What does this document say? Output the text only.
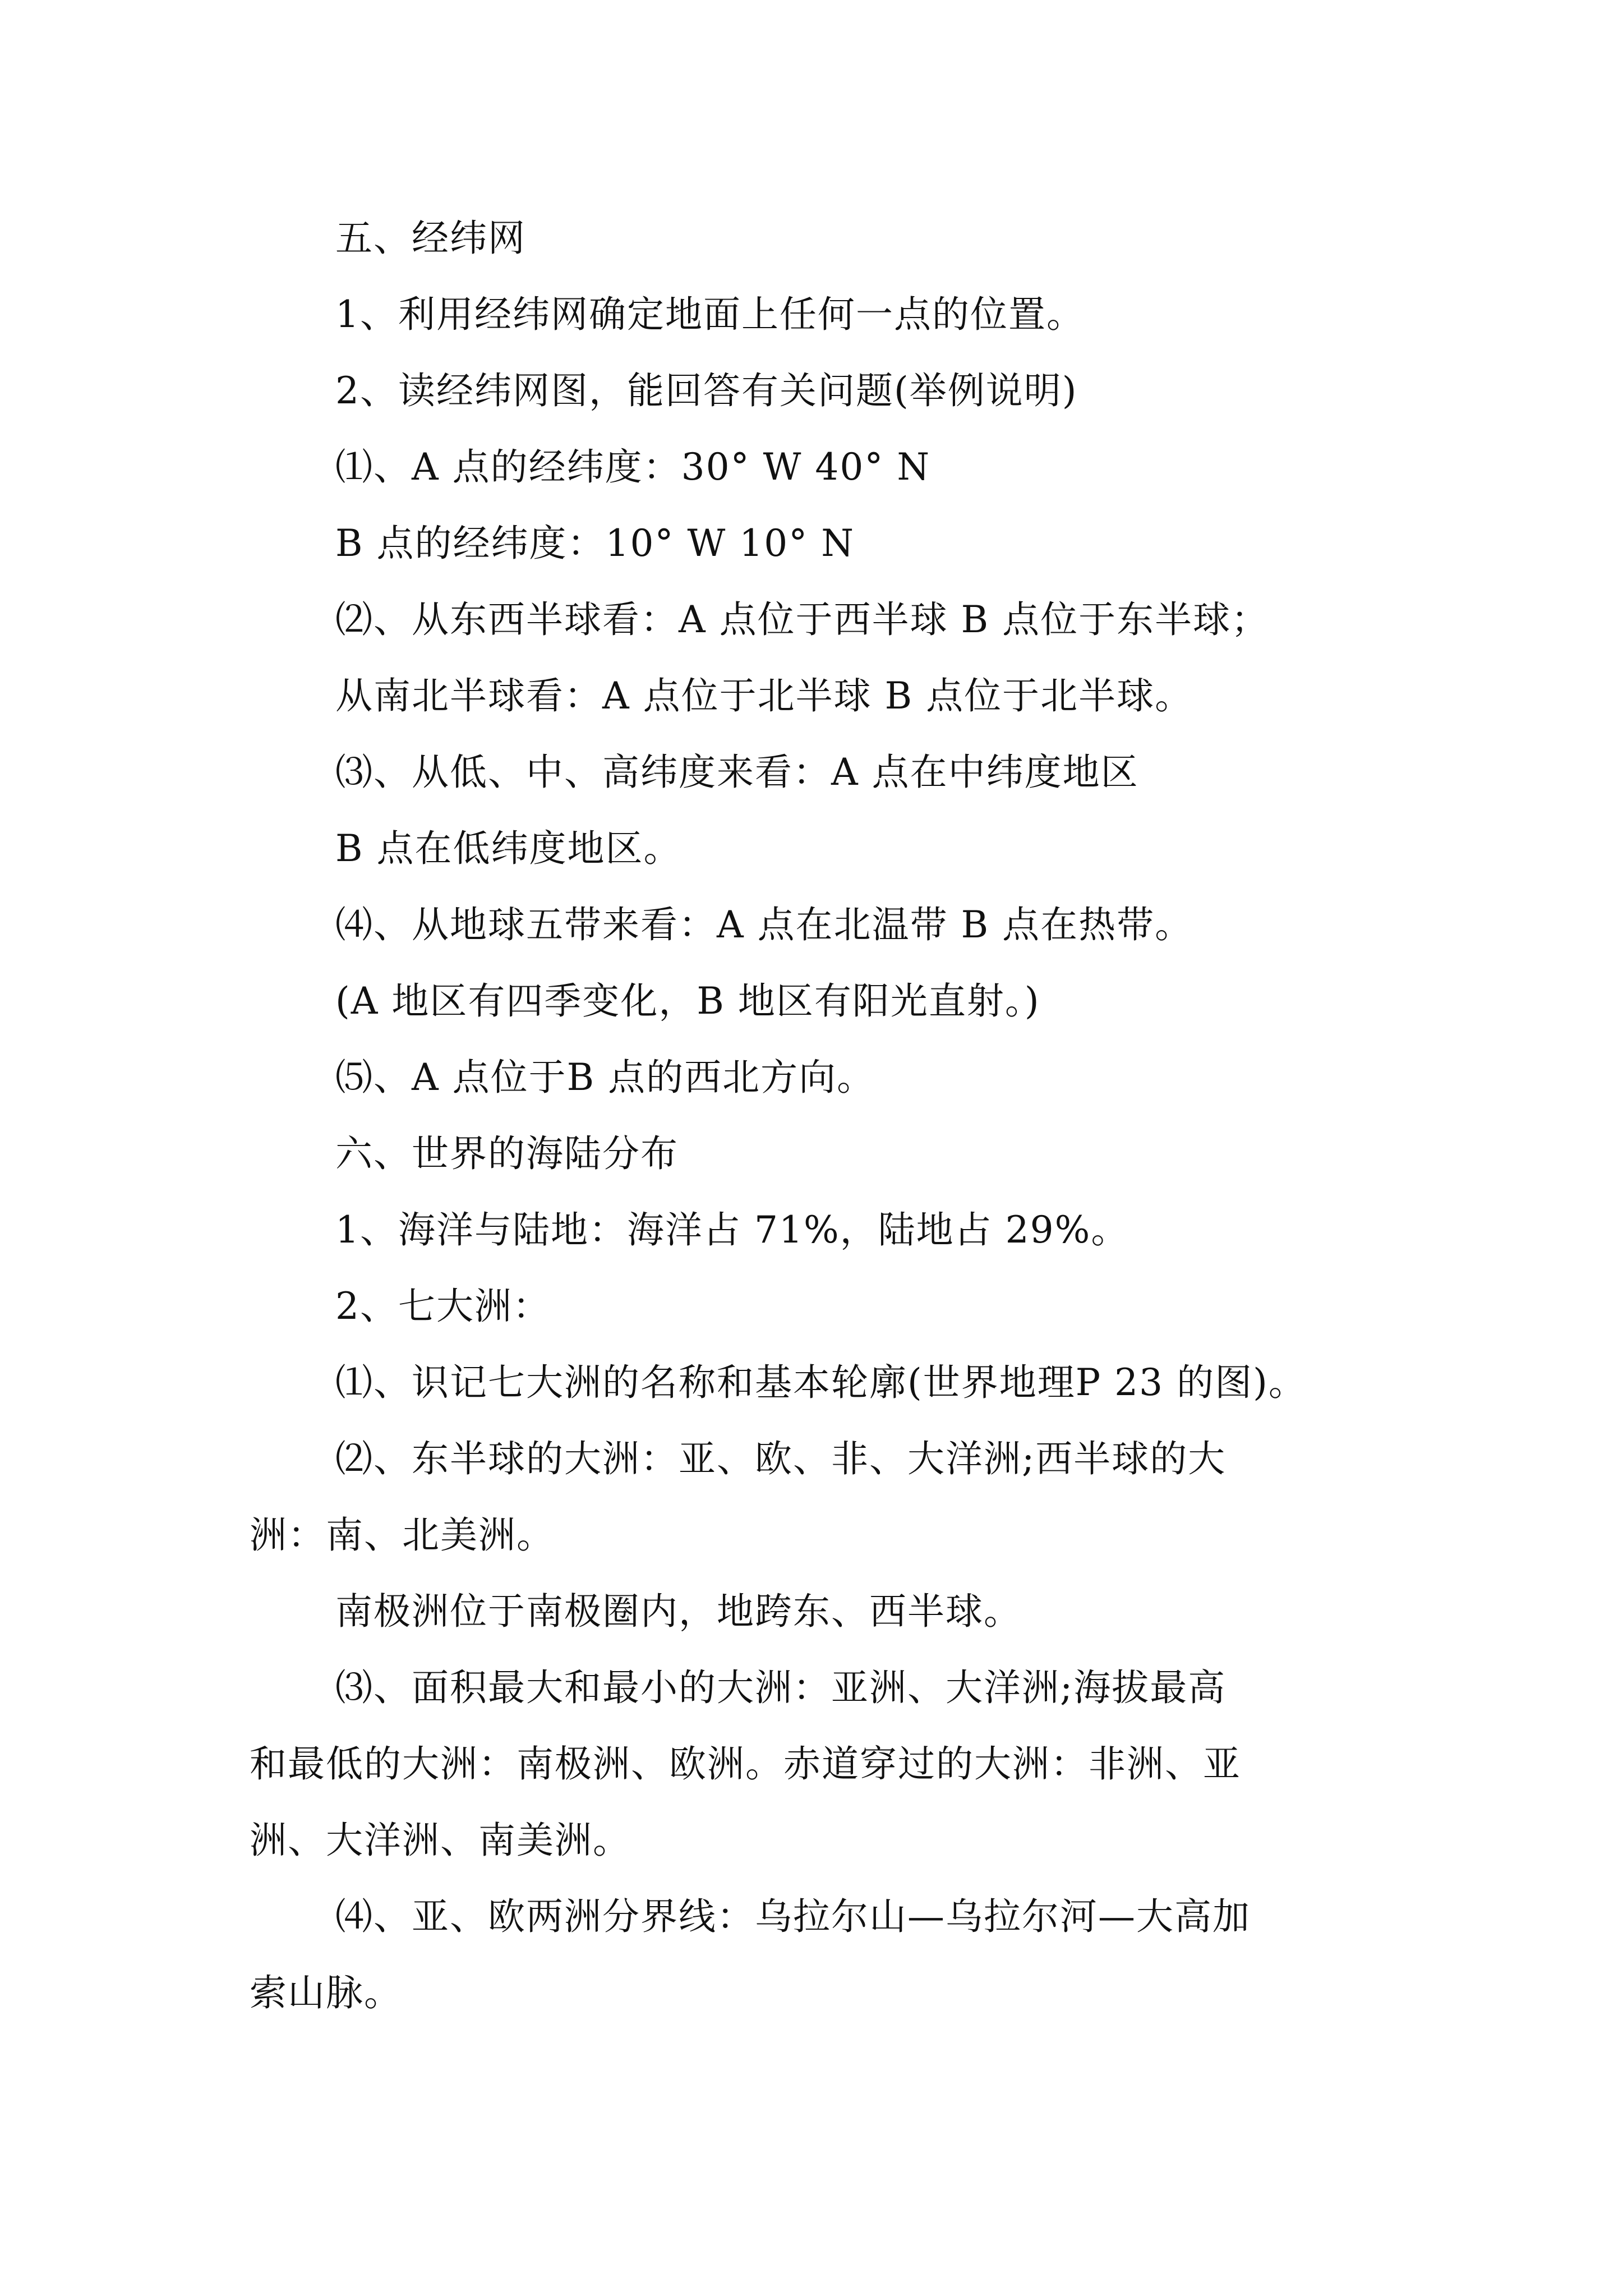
五、经纬网
1、利用经纬网确定地面上任何一点的位置。
2、读经纬网图，能回答有关问题(举例说明)
⑴、A 点的经纬度：30° W 40° N
B 点的经纬度：10° W 10° N
⑵、从东西半球看：A 点位于西半球 B 点位于东半球；
从南北半球看：A 点位于北半球 B 点位于北半球。
⑶、从低、中、高纬度来看：A 点在中纬度地区
B 点在低纬度地区。
⑷、从地球五带来看：A 点在北温带 B 点在热带。
(A 地区有四季变化，B 地区有阳光直射。)
⑸、A 点位于B 点的西北方向。
六、世界的海陆分布
1、海洋与陆地：海洋占 71%，陆地占 29%。
2、七大洲：
⑴、识记七大洲的名称和基本轮廓(世界地理P 23 的图)。
⑵、东半球的大洲：亚、欧、非、大洋洲;西半球的大
洲：南、北美洲。
南极洲位于南极圈内，地跨东、西半球。
⑶、面积最大和最小的大洲：亚洲、大洋洲;海拔最高
和最低的大洲：南极洲、欧洲。赤道穿过的大洲：非洲、亚
洲、大洋洲、南美洲。
⑷、亚、欧两洲分界线：乌拉尔山—乌拉尔河—大高加
索山脉。
